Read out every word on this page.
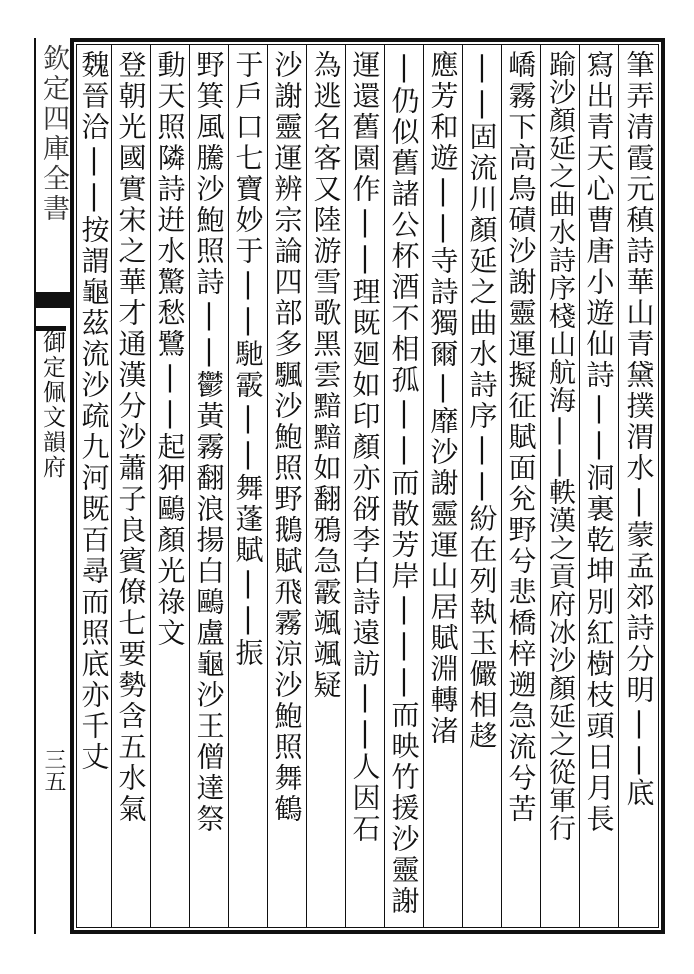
欽定四庫全書
御定佩文韻府
三五	筆弄清霞元稹詩華山青黛撲渭水|蒙孟郊詩分明||底
寫出青天心曹唐小遊仙詩||洞裏乾坤別紅樹枝頭日月長
踰沙顏延之曲水詩序棧山航海||軼漢之貢府冰沙顏延之從軍行
嶠霧下高鳥磧沙謝靈運擬征賦面兊野兮悲橋梓遡急流兮苦
||固流川顏延之曲水詩序||紛在列執玉儼相趍
應芳和遊||寺詩獨爾|靡沙謝靈運山居賦淵轉渚
|仍似舊諸公杯酒不相孤||而散芳岸|||而映竹援沙靈謝
運還舊園作||理既廻如印顏亦谺李白詩遠訪||人因石
為逃名客又陸游雪歌黑雲黯黯如翻鴉急霰颯颯疑
沙謝靈運辨宗論四部多颿沙鮑照野鵝賦飛霧涼沙鮑照舞鶴
于戶口七寶妙于||馳霰||舞蓬賦||振
野箕風騰沙鮑照詩||鬱黃霧翻浪揚白鷗盧龜沙王僧達祭
動天照隣詩逬水驚愁鷺||起狎鷗顏光祿文
登朝光國實宋之華才通漢分沙蕭子良賓僚七要勢含五水氣
魏晉洽||按謂龜茲流沙疏九河既百尋而照底亦千丈
